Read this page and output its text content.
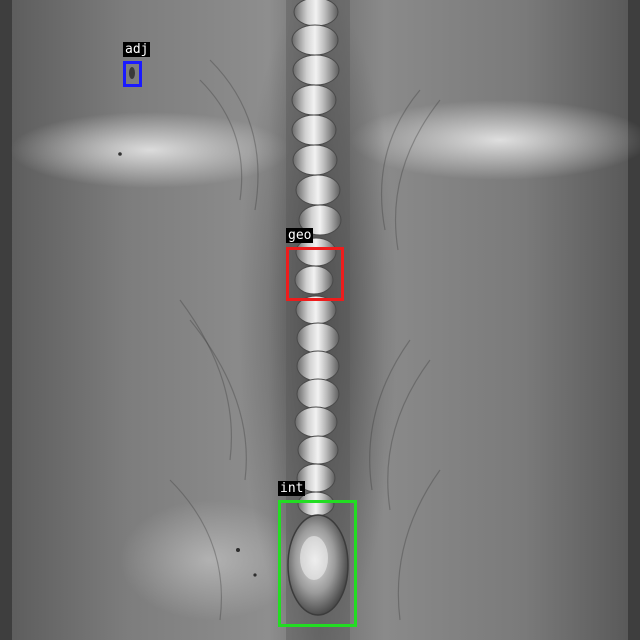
adj
geo
int
